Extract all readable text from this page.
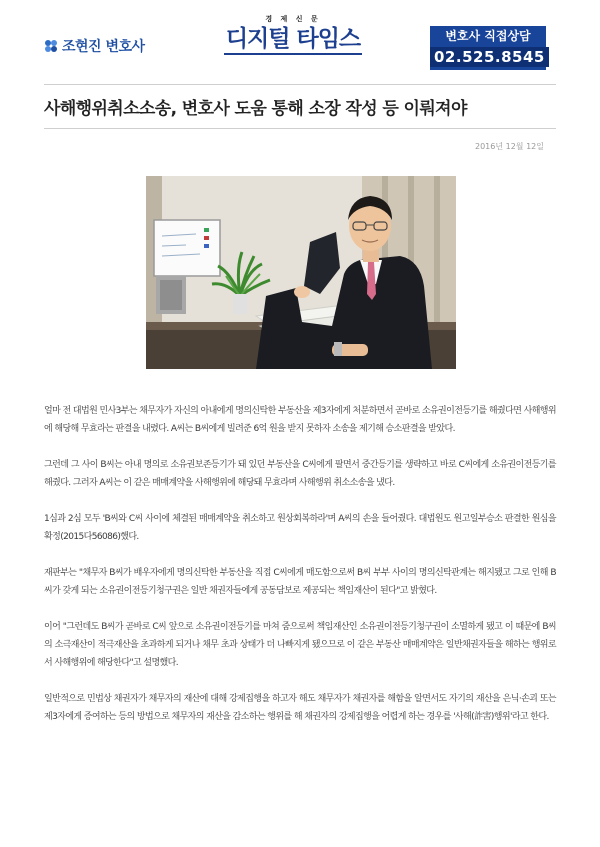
조현진 변호사
경 제 신 문
디지털 타임스	변호사 직접상담
02.525.8545
사해행위취소소송, 변호사 도움 통해 소장 작성 등 이뤄져야
2016년 12월 12일

얼마 전 대법원 민사3부는 채무자가 자신의 아내에게 명의신탁한 부동산을 제3자에게 처분하면서 곧바로 소유권이전등기를 해줬다면 사해행위에 해당해 무효라는 판결을 내렸다. A씨는 B씨에게 빌려준 6억 원을 받지 못하자 소송을 제기해 승소판결을 받았다.

그런데 그 사이 B씨는 아내 명의로 소유권보존등기가 돼 있던 부동산을 C씨에게 팔면서 중간등기를 생략하고 바로 C씨에게 소유권이전등기를 해줬다. 그러자 A씨는 이 같은 매매계약을 사해행위에 해당돼 무효라며 사해행위 취소소송을 냈다.

1심과 2심 모두 'B씨와 C씨 사이에 체결된 매매계약을 취소하고 원상회복하라'며 A씨의 손을 들어줬다. 대법원도 원고일부승소 판결한 원심을 확정(2015다56086)했다.

재판부는 "채무자 B씨가 배우자에게 명의신탁한 부동산을 직접 C씨에게 매도함으로써 B씨 부부 사이의 명의신탁관계는 해지됐고 그로 인해 B씨가 갖게 되는 소유권이전등기청구권은 일반 채권자들에게 공동담보로 제공되는 책임재산이 된다"고 밝혔다.

이어 "그런데도 B씨가 곧바로 C씨 앞으로 소유권이전등기를 마쳐 줌으로써 책임재산인 소유권이전등기청구권이 소멸하게 됐고 이 때문에 B씨의 소극재산이 적극재산을 초과하게 되거나 채무 초과 상태가 더 나빠지게 됐으므로 이 같은 부동산 매매계약은 일반채권자들을 해하는 행위로서 사해행위에 해당한다"고 설명했다.

일반적으로 민법상 채권자가 채무자의 재산에 대해 강제집행을 하고자 해도 채무자가 채권자를 해함을 알면서도 자기의 재산을 은닉·손괴 또는 제3자에게 증여하는 등의 방법으로 채무자의 재산을 감소하는 행위를 해 채권자의 강제집행을 어렵게 하는 경우를 '사해(詐害)행위'라고 한다.
